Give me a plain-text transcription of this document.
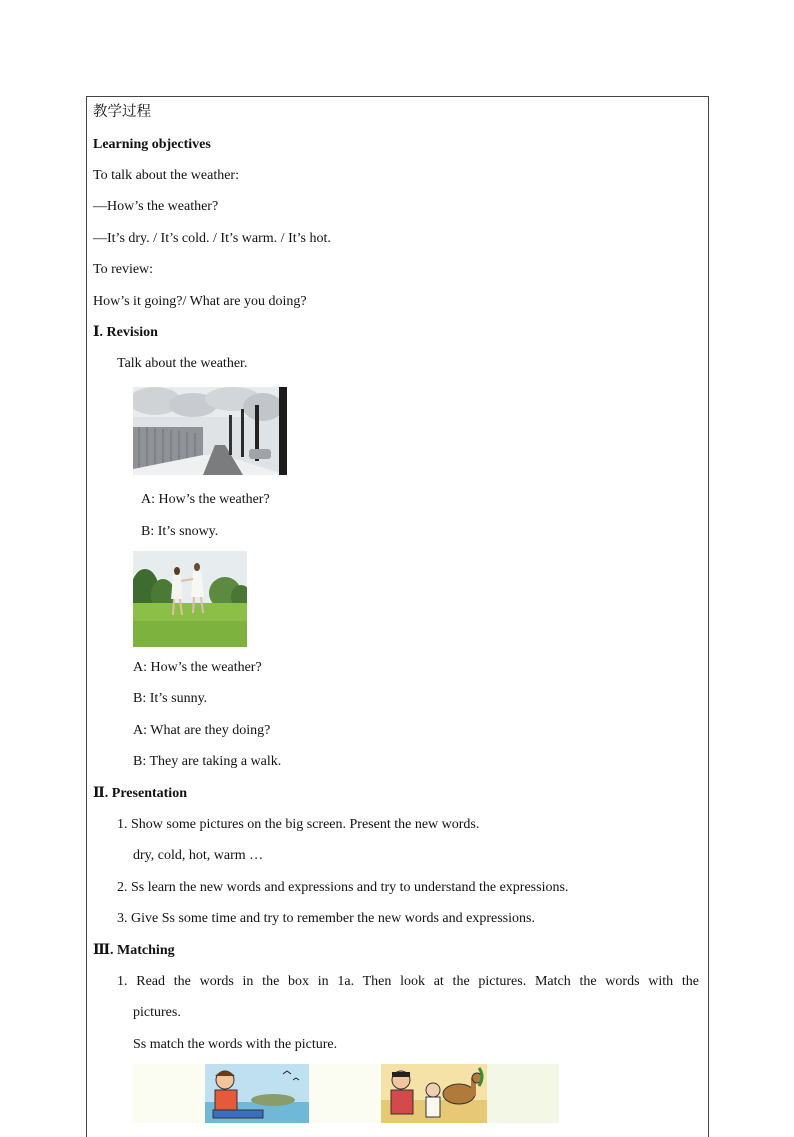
教学过程
Learning objectives
To talk about the weather:
—How’s the weather?
—It’s dry. / It’s cold. / It’s warm. / It’s hot.
To review:
How’s it going?/ What are you doing?
Ⅰ. Revision
Talk about the weather.
A: How’s the weather?
B: It’s snowy.
A: How’s the weather?
B: It’s sunny.
A: What are they doing?
B: They are taking a walk.
Ⅱ. Presentation
1. Show some pictures on the big screen. Present the new words.
dry, cold, hot, warm …
2. Ss learn the new words and expressions and try to understand the expressions.
3. Give Ss some time and try to remember the new words and expressions.
Ⅲ. Matching
1. Read the words in the box in 1a. Then look at the pictures. Match the words with the
pictures.
Ss match the words with the picture.
